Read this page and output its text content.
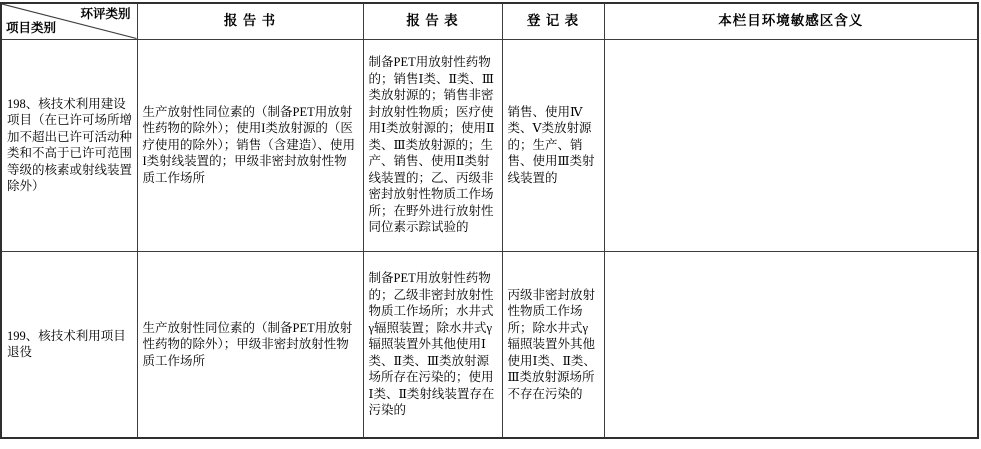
环评类别
项目类别	报 告 书	报 告 表	登 记 表	本栏目环境敏感区含义
198、核技术利用建设项目（在已许可场所增加不超出已许可活动种类和不高于已许可范围等级的核素或射线装置除外）	生产放射性同位素的（制备PET用放射性药物的除外）；使用I类放射源的（医疗使用的除外）；销售（含建造）、使用I类射线装置的；甲级非密封放射性物质工作场所	制备PET用放射性药物的；销售Ⅰ类、Ⅱ类、Ⅲ类放射源的；销售非密封放射性物质；医疗使用Ⅰ类放射源的；使用Ⅱ类、Ⅲ类放射源的；生产、销售、使用Ⅱ类射线装置的；乙、丙级非密封放射性物质工作场所；在野外进行放射性同位素示踪试验的	销售、使用Ⅳ类、Ⅴ类放射源的；生产、销售、使用Ⅲ类射线装置的	
199、核技术利用项目退役	生产放射性同位素的（制备PET用放射性药物的除外）；甲级非密封放射性物质工作场所	制备PET用放射性药物的；乙级非密封放射性物质工作场所；水井式γ辐照装置；除水井式γ辐照装置外其他使用Ⅰ类、Ⅱ类、Ⅲ类放射源场所存在污染的；使用Ⅰ类、Ⅱ类射线装置存在污染的	丙级非密封放射性物质工作场所；除水井式γ辐照装置外其他使用Ⅰ类、Ⅱ类、Ⅲ类放射源场所不存在污染的	
